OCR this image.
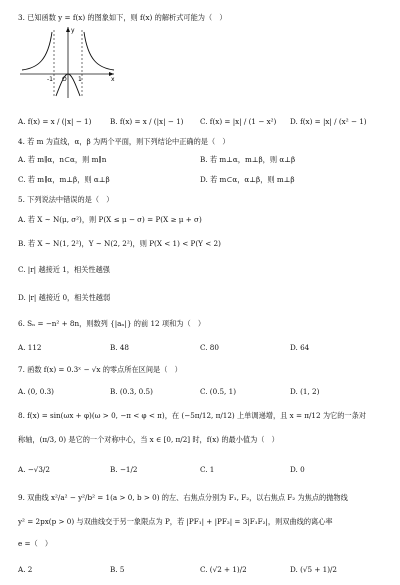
3. 已知函数 y = f(x) 的图象如下，则 f(x) 的解析式可能为（　）
-1 O 1	x
y
A. f(x) = x / (|x| − 1)	B. f(x) = x / (|x| − 1) C. f(x) = |x| / (1 − x²) D. f(x) = |x| / (x² − 1)
4. 若 m 为直线，α，β 为两个平面，则下列结论中正确的是（　）
A. 若 m∥α，n⊂α，则 m∥n	B. 若 m⊥α，m⊥β，则 α⊥β
C. 若 m∥α，m⊥β，则 α⊥β	D. 若 m⊂α，α⊥β，则 m⊥β
5. 下列说法中错误的是（　）
A. 若 X ~ N(μ, σ²)，则 P(X ≤ μ − σ) = P(X ≥ μ + σ)
B. 若 X ~ N(1, 2²)，Y ~ N(2, 2²)，则 P(X < 1) < P(Y < 2)
C. |r| 越接近 1，相关性越强
D. |r| 越接近 0，相关性越弱
6. Sₙ = −n² + 8n，则数列 {|aₙ|} 的前 12 项和为（　）
A. 112	B. 48	C. 80	D. 64
7. 函数 f(x) = 0.3ˣ − √x 的零点所在区间是（　）
A. (0, 0.3)	B. (0.3, 0.5)	C. (0.5, 1)	D. (1, 2)
8. f(x) = sin(ωx + φ)(ω > 0, −π < φ < π)，在 (−5π/12, π/12) 上单调递增，且 x = π/12 为它的一条对
称轴，(π/3, 0) 是它的一个对称中心，当 x ∈ [0, π/2] 时，f(x) 的最小值为（　）
A. −√3/2	B. −1/2	C. 1	D. 0
9. 双曲线 x²/a² − y²/b² = 1(a > 0, b > 0) 的左、右焦点分别为 F₁, F₂，以右焦点 F₂ 为焦点的抛物线
y² = 2px(p > 0) 与双曲线交于另一象限点为 P，若 |PF₁| + |PF₂| = 3|F₁F₂|，则双曲线的离心率
e =（　）
A. 2	B. 5	C. (√2 + 1)/2	D. (√5 + 1)/2
